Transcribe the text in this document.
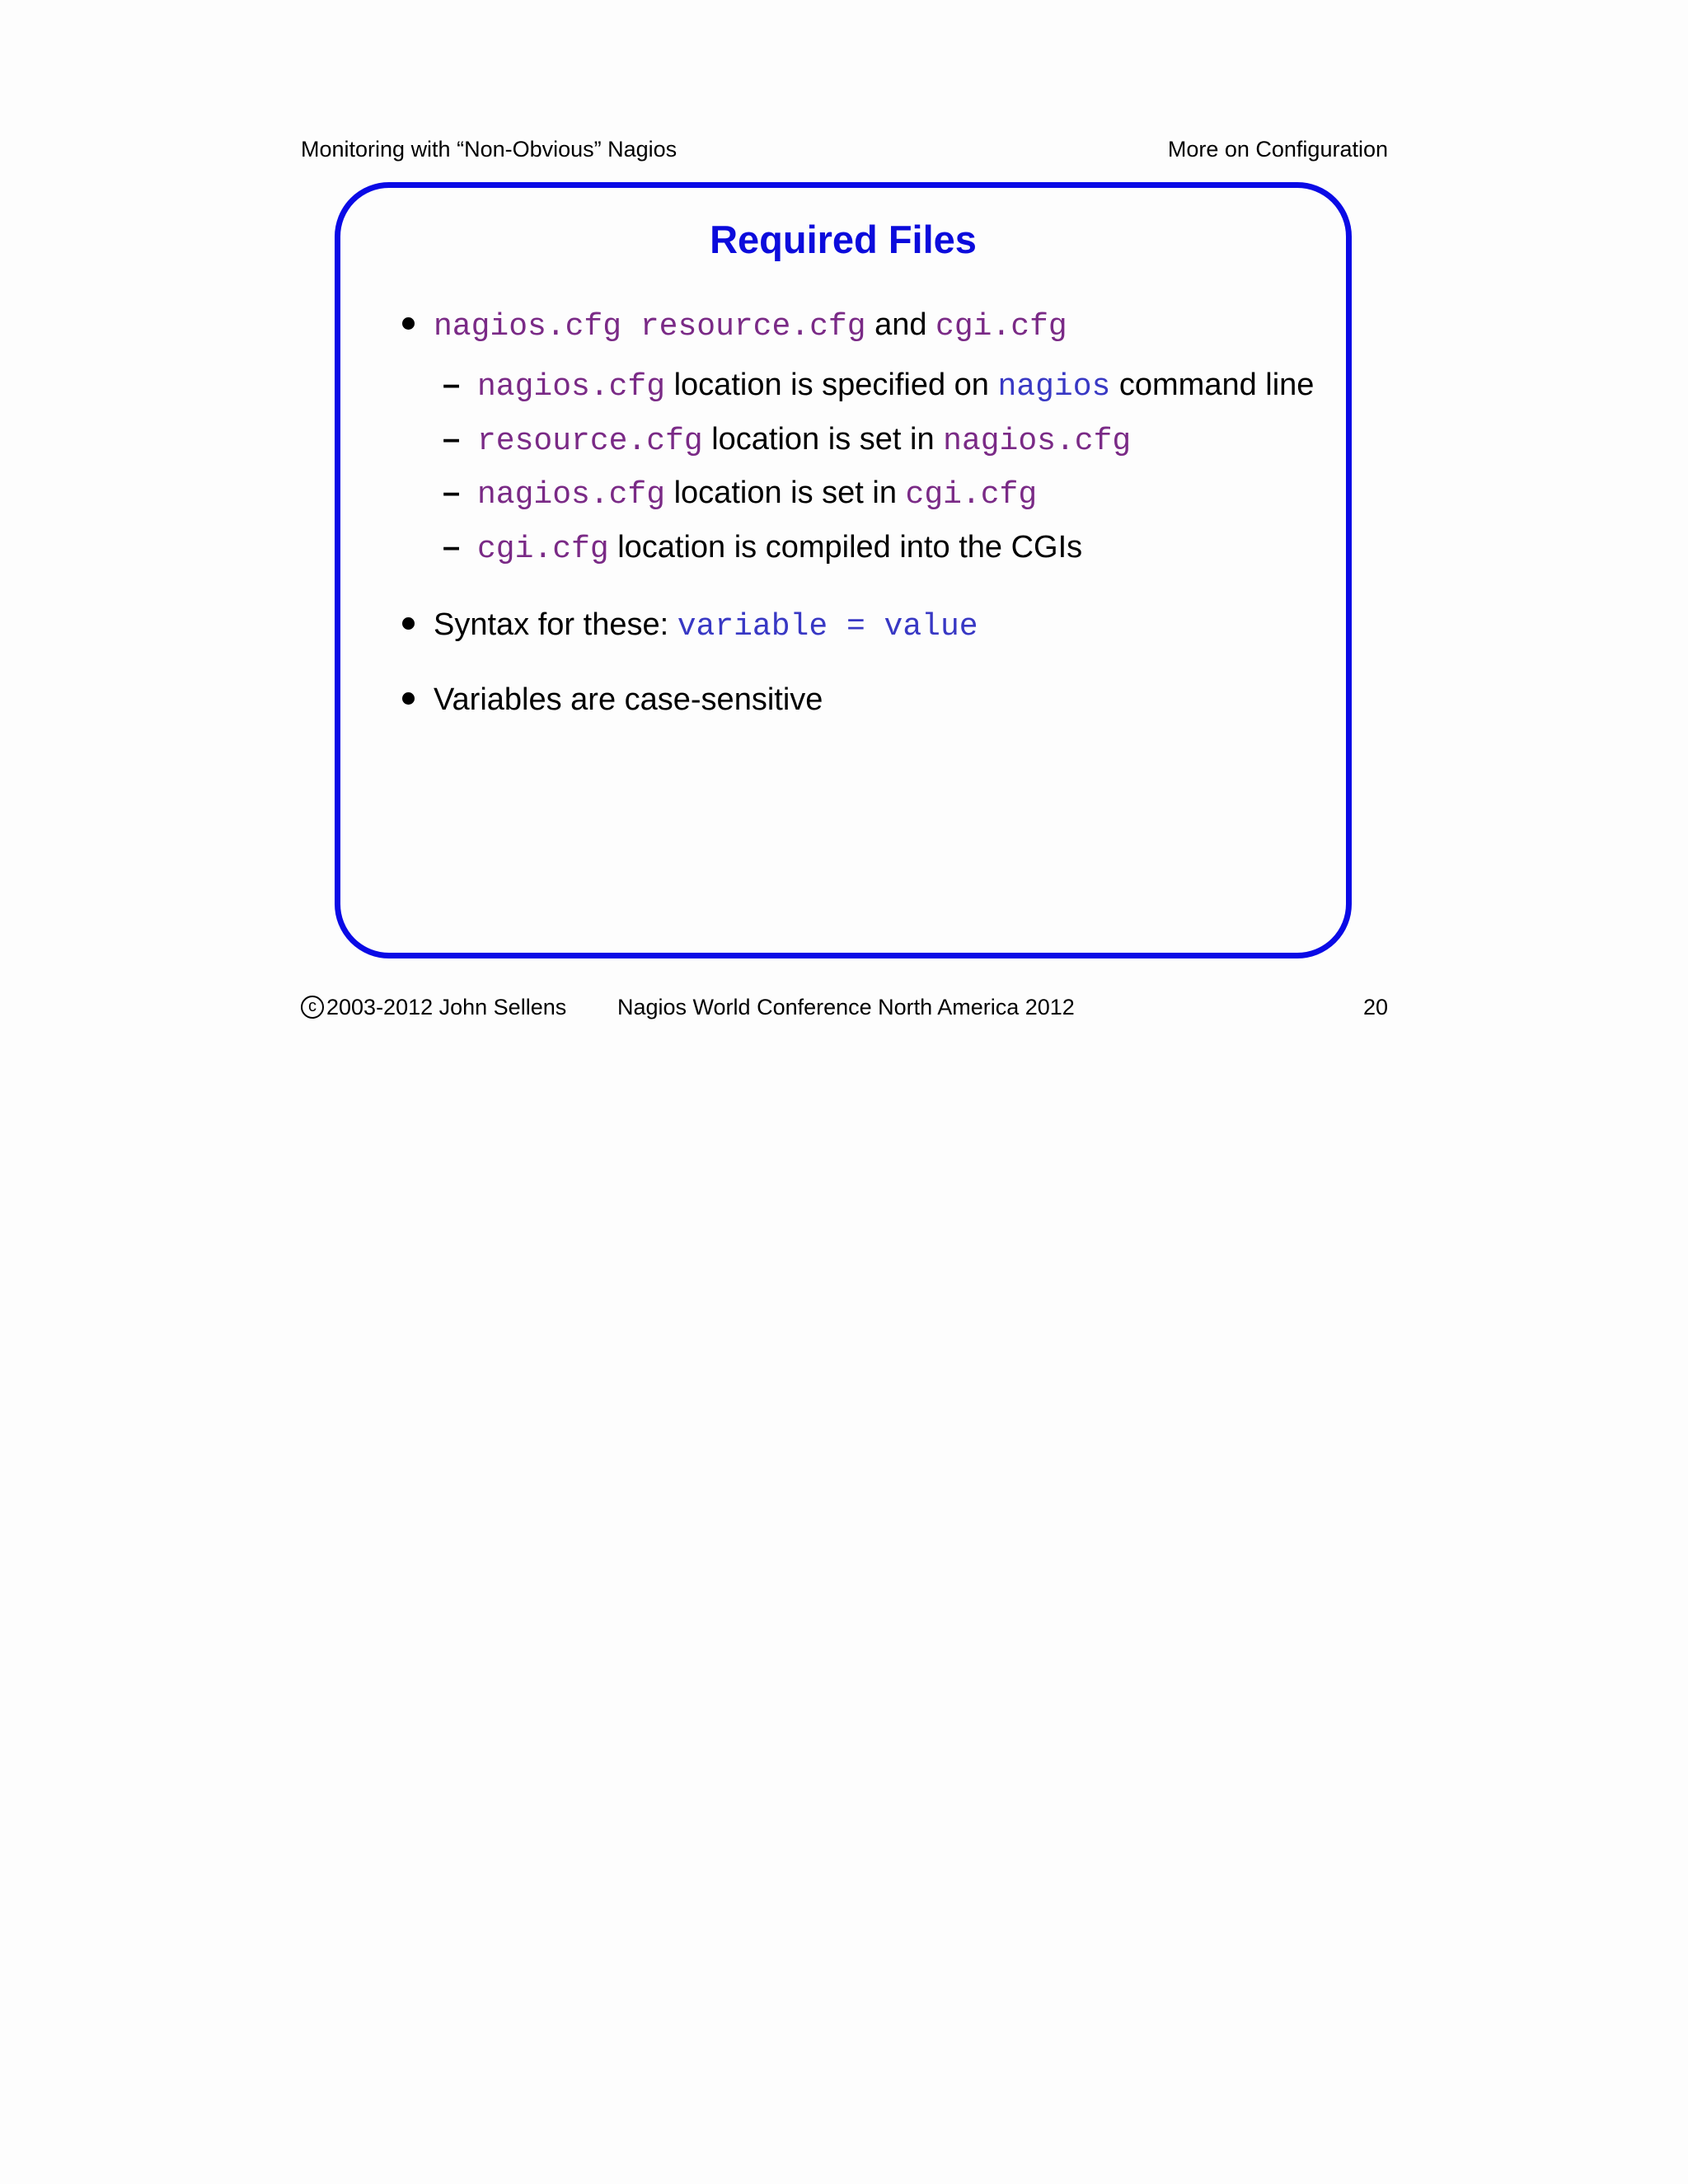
Monitoring with “Non-Obvious” Nagios	More on Configuration
Required Files
nagios.cfg resource.cfg and cgi.cfg
– nagios.cfg location is specified on nagios command line
– resource.cfg location is set in nagios.cfg
– nagios.cfg location is set in cgi.cfg
– cgi.cfg location is compiled into the CGIs
Syntax for these: variable = value
Variables are case-sensitive
c 2003-2012 John Sellens Nagios World Conference North America 2012	20
